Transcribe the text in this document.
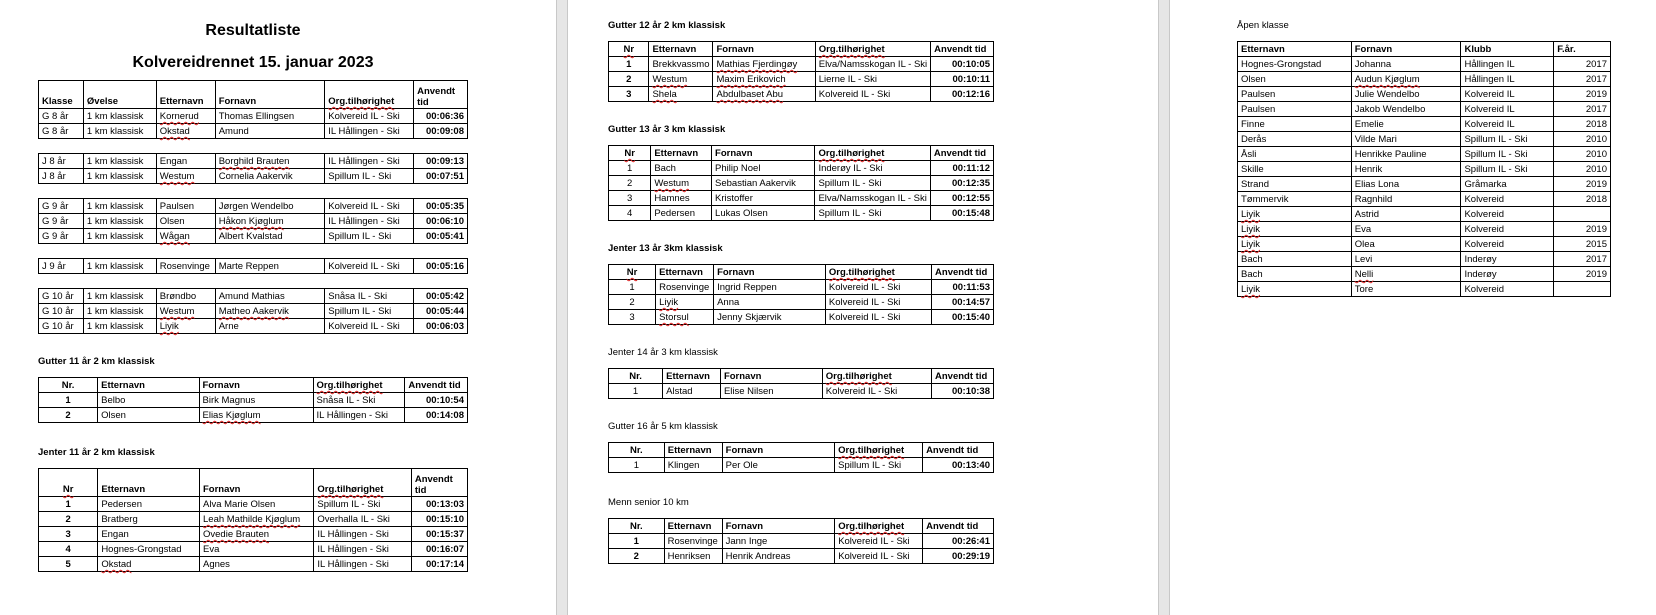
Resultatliste
Kolvereidrennet 15. januar 2023
Klasse	Øvelse	Etternavn	Fornavn	Org.tilhørighet	Anvendt tid
G 8 år	1 km klassisk	Kornerud	Thomas Ellingsen	Kolvereid IL - Ski	00:06:36
G 8 år	1 km klassisk	Okstad	Amund	IL Hållingen - Ski	00:09:08

J 8 år	1 km klassisk	Engan	Borghild Brauten	IL Hållingen - Ski	00:09:13
J 8 år	1 km klassisk	Westum	Cornelia Aakervik	Spillum IL - Ski	00:07:51

G 9 år	1 km klassisk	Paulsen	Jørgen Wendelbo	Kolvereid IL - Ski	00:05:35
G 9 år	1 km klassisk	Olsen	Håkon Kjøglum	IL Hållingen - Ski	00:06:10
G 9 år	1 km klassisk	Wågan	Albert Kvalstad	Spillum IL - Ski	00:05:41

J 9 år	1 km klassisk	Rosenvinge	Marte Reppen	Kolvereid IL - Ski	00:05:16

G 10 år	1 km klassisk	Brøndbo	Amund Mathias	Snåsa IL - Ski	00:05:42
G 10 år	1 km klassisk	Westum	Matheo Aakervik	Spillum IL - Ski	00:05:44
G 10 år	1 km klassisk	Liyik	Arne	Kolvereid IL - Ski	00:06:03
Gutter 11 år 2 km klassisk
Nr.	Etternavn	Fornavn	Org.tilhørighet	Anvendt tid
1	Belbo	Birk Magnus	Snåsa IL - Ski	00:10:54
2	Olsen	Elias Kjøglum	IL Hållingen - Ski	00:14:08
Jenter 11 år 2 km klassisk
Nr	Etternavn	Fornavn	Org.tilhørighet	Anvendt tid
1	Pedersen	Alva Marie Olsen	Spillum IL - Ski	00:13:03
2	Bratberg	Leah Mathilde Kjøglum	Overhalla IL - Ski	00:15:10
3	Engan	Ovedie Brauten	IL Hållingen - Ski	00:15:37
4	Hognes-Grongstad	Eva	IL Hållingen - Ski	00:16:07
5	Okstad	Agnes	IL Hållingen - Ski	00:17:14
Gutter 12 år 2 km klassisk
Nr	Etternavn	Fornavn	Org.tilhørighet	Anvendt tid
1	Brekkvassmo	Mathias Fjerdingøy	Elva/Namsskogan IL - Ski	00:10:05
2	Westum	Maxim Erikovich	Lierne IL - Ski	00:10:11
3	Shela	Abdulbaset Abu	Kolvereid IL - Ski	00:12:16
Gutter 13 år 3 km klassisk
Nr	Etternavn	Fornavn	Org.tilhørighet	Anvendt tid
1	Bach	Philip Noel	Inderøy IL - Ski	00:11:12
2	Westum	Sebastian Aakervik	Spillum IL - Ski	00:12:35
3	Hamnes	Kristoffer	Elva/Namsskogan IL - Ski	00:12:55
4	Pedersen	Lukas Olsen	Spillum IL - Ski	00:15:48
Jenter 13 år 3km klassisk
Nr	Etternavn	Fornavn	Org.tilhørighet	Anvendt tid
1	Rosenvinge	Ingrid Reppen	Kolvereid IL - Ski	00:11:53
2	Liyik	Anna	Kolvereid IL - Ski	00:14:57
3	Storsul	Jenny Skjærvik	Kolvereid IL - Ski	00:15:40
Jenter 14 år 3 km klassisk
Nr.	Etternavn	Fornavn	Org.tilhørighet	Anvendt tid
1	Alstad	Elise Nilsen	Kolvereid IL - Ski	00:10:38
Gutter 16 år 5 km klassisk
Nr.	Etternavn	Fornavn	Org.tilhørighet	Anvendt tid
1	Klingen	Per Ole	Spillum IL - Ski	00:13:40
Menn senior 10 km
Nr.	Etternavn	Fornavn	Org.tilhørighet	Anvendt tid
1	Rosenvinge	Jann Inge	Kolvereid IL - Ski	00:26:41
2	Henriksen	Henrik Andreas	Kolvereid IL - Ski	00:29:19
Åpen klasse
Etternavn	Fornavn	Klubb	F.år.
Hognes-Grongstad	Johanna	Hållingen IL	2017
Olsen	Audun Kjøglum	Hållingen IL	2017
Paulsen	Julie Wendelbo	Kolvereid IL	2019
Paulsen	Jakob Wendelbo	Kolvereid IL	2017
Finne	Emelie	Kolvereid IL	2018
Derås	Vilde Mari	Spillum IL - Ski	2010
Åsli	Henrikke Pauline	Spillum IL - Ski	2010
Skille	Henrik	Spillum IL - Ski	2010
Strand	Elias Lona	Gråmarka	2019
Tømmervik	Ragnhild	Kolvereid	2018
Liyik	Astrid	Kolvereid	
Liyik	Eva	Kolvereid	2019
Liyik	Olea	Kolvereid	2015
Bach	Levi	Inderøy	2017
Bach	Nelli	Inderøy	2019
Liyik	Tore	Kolvereid	
